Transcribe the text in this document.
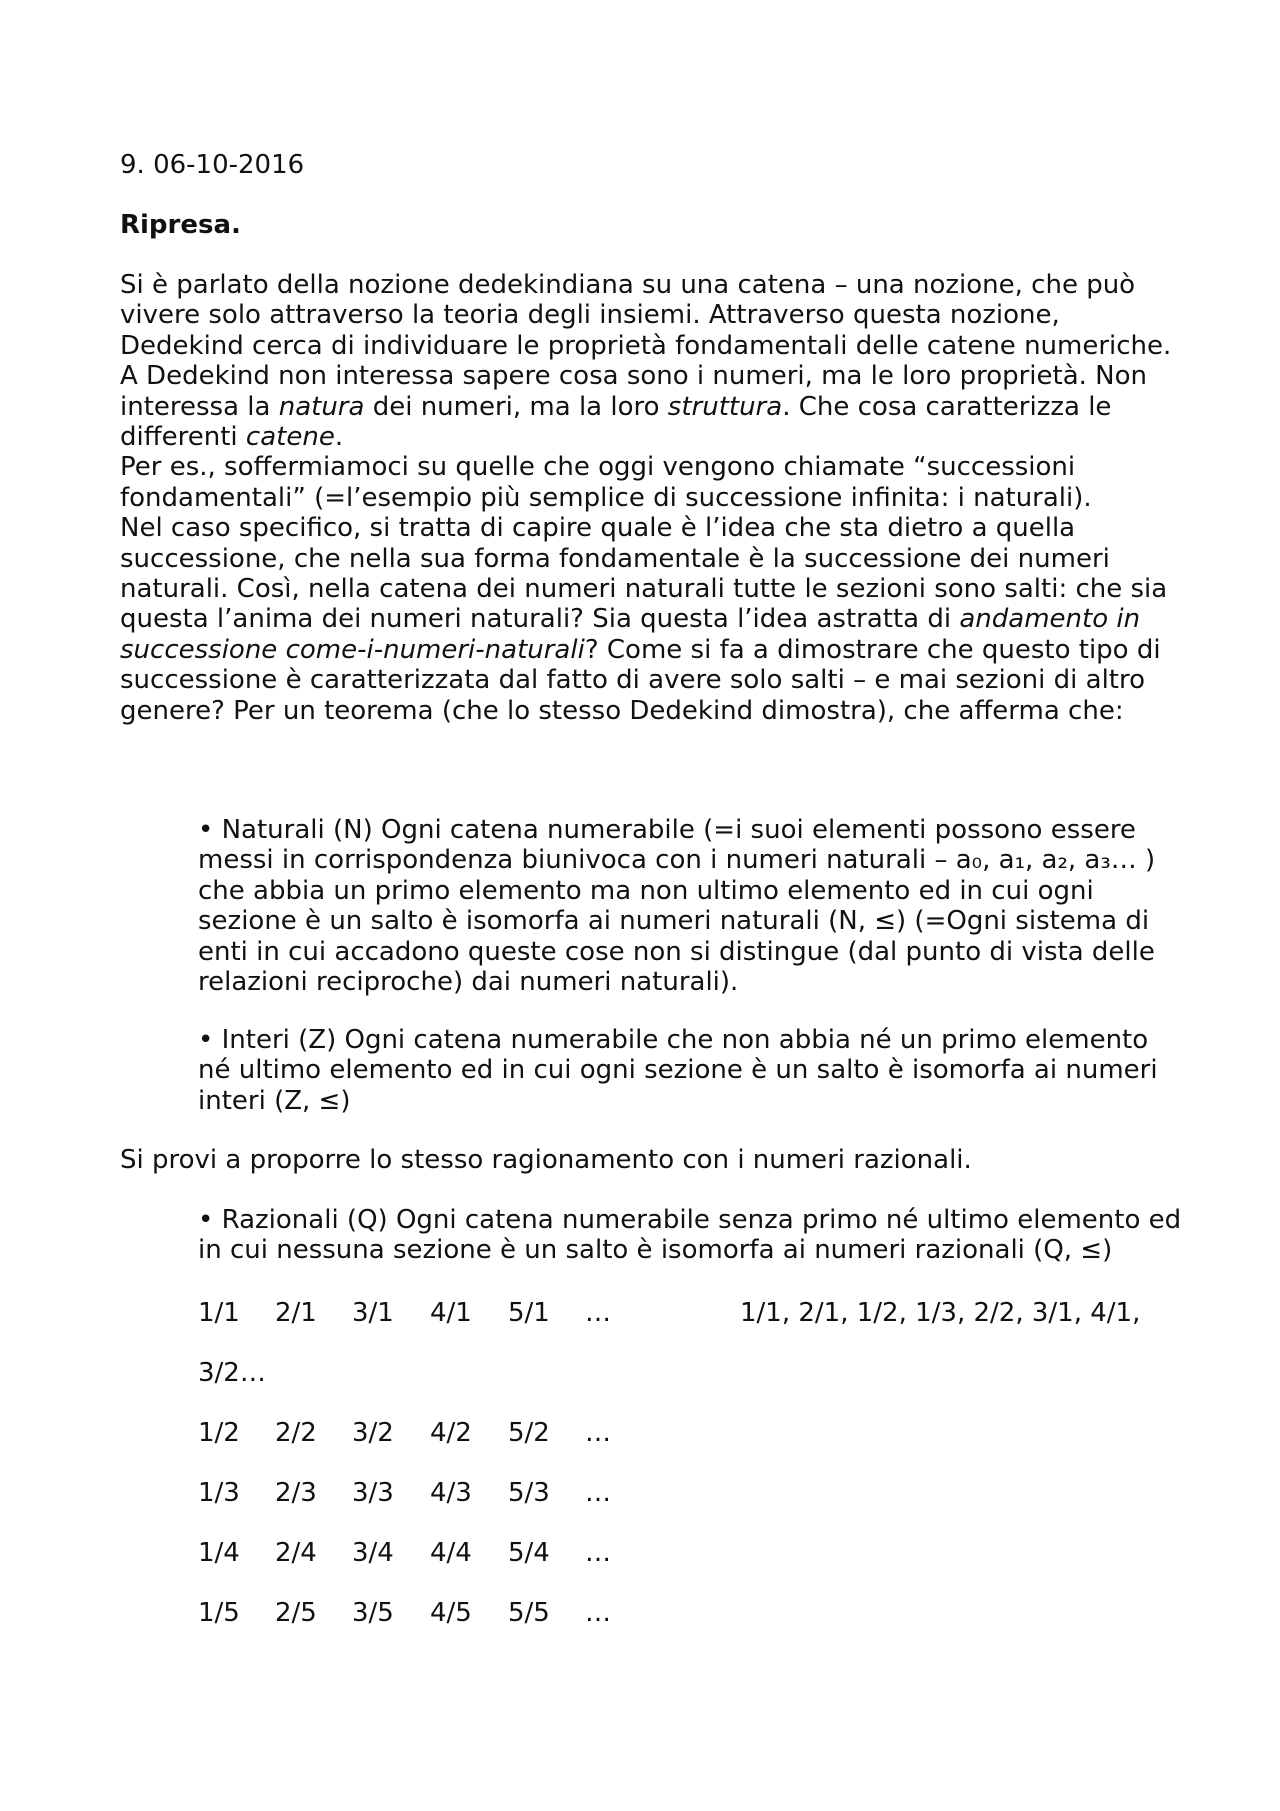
9. 06-10-2016

Ripresa.

Si è parlato della nozione dedekindiana su una catena – una nozione, che può vivere solo attraverso la teoria degli insiemi. Attraverso questa nozione, Dedekind cerca di individuare le proprietà fondamentali delle catene numeriche.

A Dedekind non interessa sapere cosa sono i numeri, ma le loro proprietà. Non interessa la natura dei numeri, ma la loro struttura. Che cosa caratterizza le differenti catene.

Per es., soffermiamoci su quelle che oggi vengono chiamate “successioni fondamentali” (=l’esempio più semplice di successione infinita: i naturali).

Nel caso specifico, si tratta di capire quale è l’idea che sta dietro a quella successione, che nella sua forma fondamentale è la successione dei numeri naturali. Così, nella catena dei numeri naturali tutte le sezioni sono salti: che sia questa l’anima dei numeri naturali? Sia questa l’idea astratta di andamento in successione come-i-numeri-naturali? Come si fa a dimostrare che questo tipo di successione è caratterizzata dal fatto di avere solo salti – e mai sezioni di altro genere? Per un teorema (che lo stesso Dedekind dimostra), che afferma che:

• Naturali (N) Ogni catena numerabile (=i suoi elementi possono essere messi in corrispondenza biunivoca con i numeri naturali – a₀, a₁, a₂, a₃… ) che abbia un primo elemento ma non ultimo elemento ed in cui ogni sezione è un salto è isomorfa ai numeri naturali (N, ≤) (=Ogni sistema di enti in cui accadono queste cose non si distingue (dal punto di vista delle relazioni reciproche) dai numeri naturali).

• Interi (Z) Ogni catena numerabile che non abbia né un primo elemento né ultimo elemento ed in cui ogni sezione è un salto è isomorfa ai numeri interi (Z, ≤)

Si provi a proporre lo stesso ragionamento con i numeri razionali.

• Razionali (Q) Ogni catena numerabile senza primo né ultimo elemento ed in cui nessuna sezione è un salto è isomorfa ai numeri razionali (Q, ≤)

1/1 2/1 3/1 4/1 5/1 …
1/2 2/2 3/2 4/2 5/2 …
1/3 2/3 3/3 4/3 5/3 …
1/4 2/4 3/4 4/4 5/4 …
1/5 2/5 3/5 4/5 5/5 …
1/1, 2/1, 1/2, 1/3, 2/2, 3/1, 4/1,
3/2…
